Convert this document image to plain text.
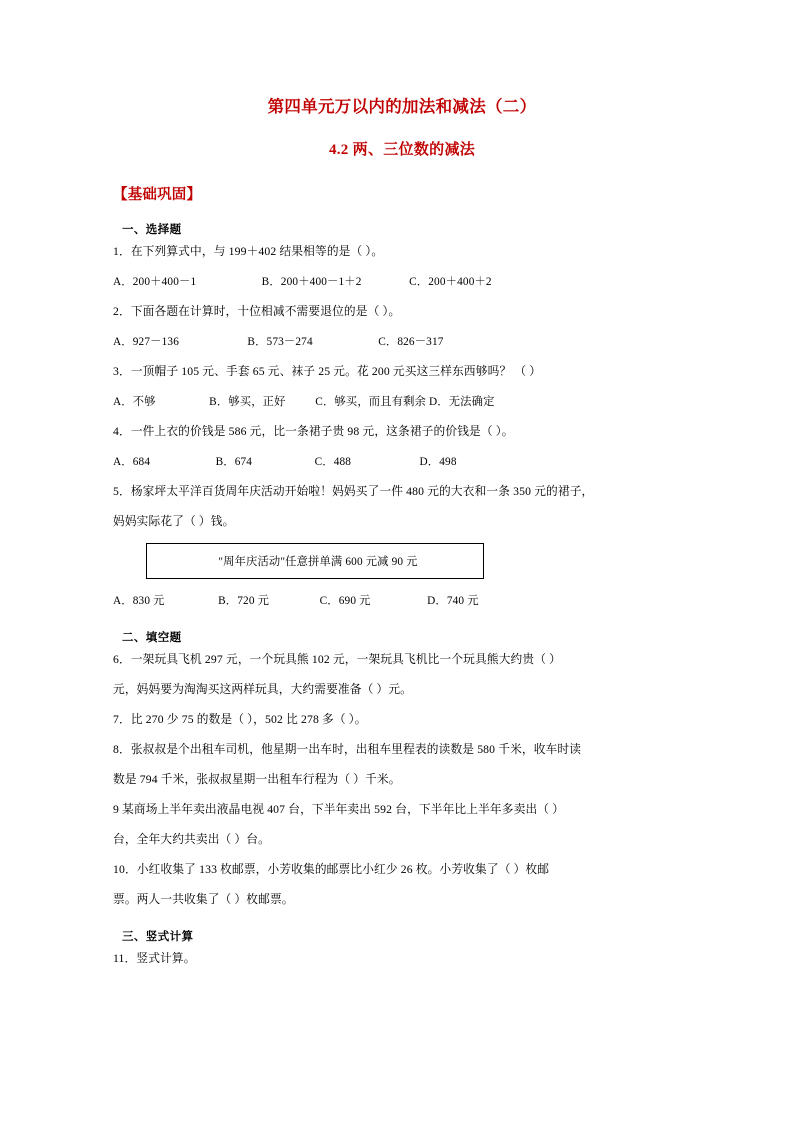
第四单元万以内的加法和减法（二）
4.2 两、三位数的减法
【基础巩固】
一、选择题
1．在下列算式中，与 199＋402 结果相等的是（ ）。
A．200＋400－1                      B．200＋400－1＋2                C．200＋400＋2
2．下面各题在计算时，十位相减不需要退位的是（ ）。
A．927－136                       B．573－274                      C．826－317
3．一顶帽子 105 元、手套 65 元、袜子 25 元。花 200 元买这三样东西够吗？ （ ）
A．不够                  B．够买，正好          C．够买，而且有剩余 D．无法确定
4．一件上衣的价钱是 586 元，比一条裙子贵 98 元，这条裙子的价钱是（ ）。
A．684                      B．674                     C．488                       D．498
5．杨家坪太平洋百货周年庆活动开始啦！妈妈买了一件 480 元的大衣和一条 350 元的裙子，
妈妈实际花了（ ）钱。
"周年庆活动"任意拼单满 600 元减 90 元
A．830 元                  B．720 元                 C．690 元                   D．740 元
二、填空题
6．一架玩具飞机 297 元，一个玩具熊 102 元，一架玩具飞机比一个玩具熊大约贵（ ）
元，妈妈要为淘淘买这两样玩具，大约需要准备（ ）元。
7．比 270 少 75 的数是（ ），502 比 278 多（ ）。
8．张叔叔是个出租车司机，他星期一出车时，出租车里程表的读数是 580 千米，收车时读
数是 794 千米，张叔叔星期一出租车行程为（ ）千米。
9 某商场上半年卖出液晶电视 407 台，下半年卖出 592 台，下半年比上半年多卖出（ ）
台，全年大约共卖出（ ）台。
10．小红收集了 133 枚邮票，小芳收集的邮票比小红少 26 枚。小芳收集了（ ）枚邮
票。两人一共收集了（ ）枚邮票。
三、竖式计算
11．竖式计算。
